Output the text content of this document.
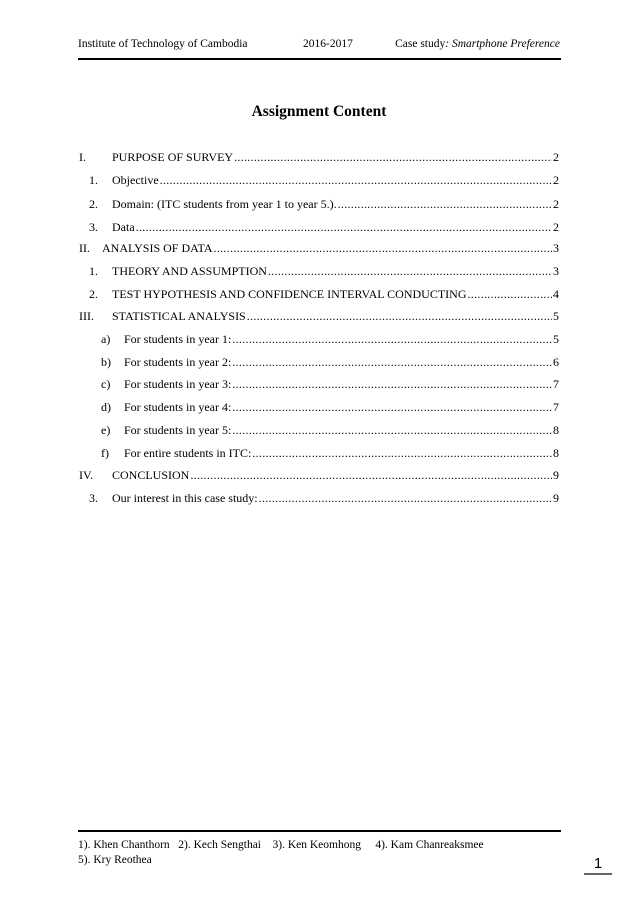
Institute of Technology of Cambodia	2016-2017	Case study: Smartphone Preference
Assignment Content
I.	PURPOSE OF SURVEY .....	2
1.	Objective .....	2
2.	Domain: (ITC students from year 1 to year 5.). .....	2
3.	Data .....	2
II.	ANALYSIS OF DATA .....	3
1.	THEORY AND ASSUMPTION .....	3
2.	TEST HYPOTHESIS AND CONFIDENCE INTERVAL CONDUCTING .....	4
III.	STATISTICAL ANALYSIS .....	5
a)	For students in year 1: .....	5
b)	For students in year 2: .....	6
c)	For students in year 3: .....	7
d)	For students in year 4: .....	7
e)	For students in year 5: .....	8
f)	For entire students in ITC: .....	8
IV.	CONCLUSION .....	9
3.	Our interest in this case study: .....	9
1). Khen Chanthorn   2). Kech Sengthai    3). Ken Keomhong     4). Kam Chanreaksmee
5). Kry Reothea	1
